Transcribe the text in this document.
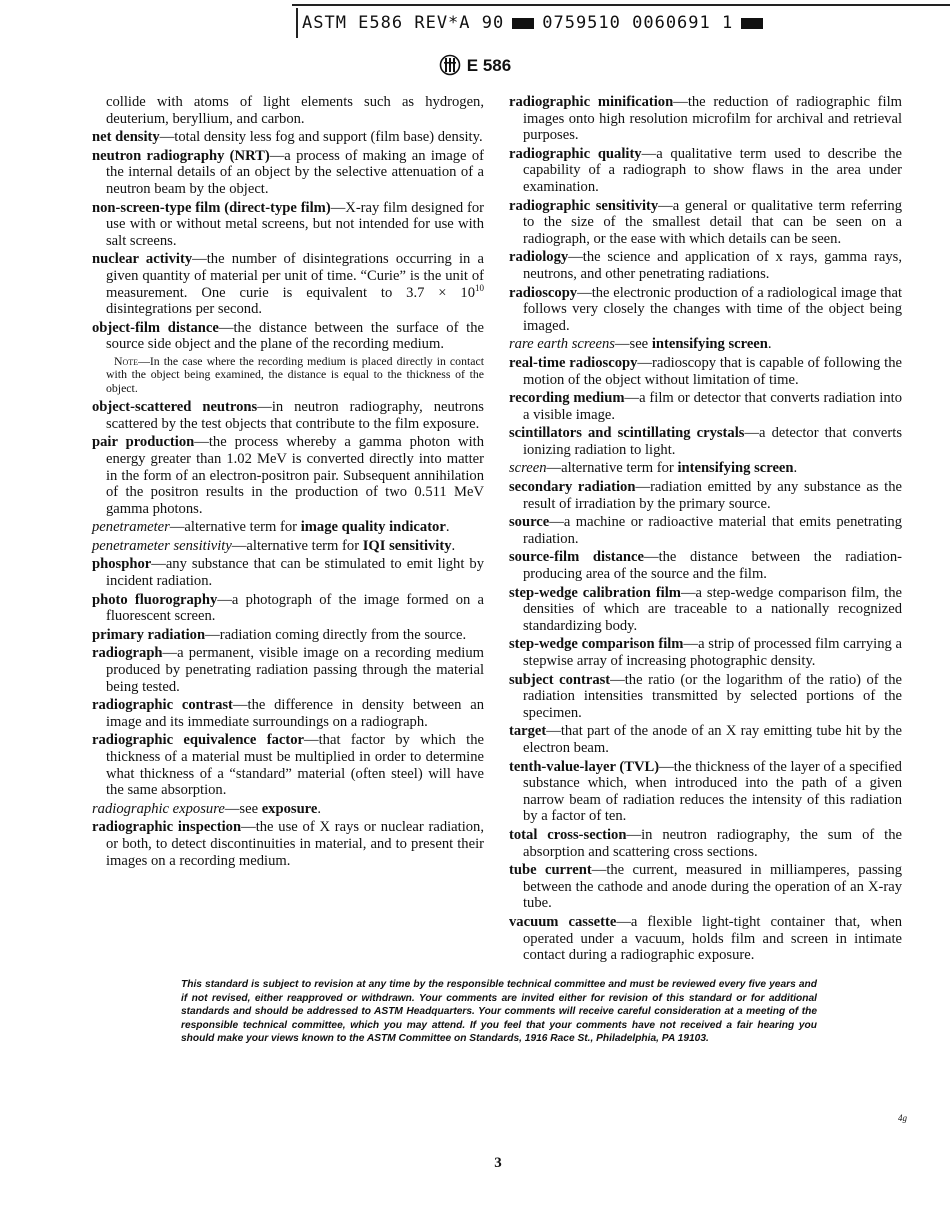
ASTM E586 REV*A 90 0759510 0060691 1
E 586

collide with atoms of light elements such as hydrogen, deuterium, beryllium, and carbon.

net density—total density less fog and support (film base) density.

neutron radiography (NRT)—a process of making an image of the internal details of an object by the selective attenuation of a neutron beam by the object.

non-screen-type film (direct-type film)—X-ray film designed for use with or without metal screens, but not intended for use with salt screens.

nuclear activity—the number of disintegrations occurring in a given quantity of material per unit of time. “Curie” is the unit of measurement. One curie is equivalent to $3.7 \times 10^{10}$ disintegrations per second.

object-film distance—the distance between the surface of the source side object and the plane of the recording medium.

Note—In the case where the recording medium is placed directly in contact with the object being examined, the distance is equal to the thickness of the object.

object-scattered neutrons—in neutron radiography, neutrons scattered by the test objects that contribute to the film exposure.

pair production—the process whereby a gamma photon with energy greater than 1.02 MeV is converted directly into matter in the form of an electron-positron pair. Subsequent annihilation of the positron results in the production of two 0.511 MeV gamma photons.

penetrameter—alternative term for image quality indicator.

penetrameter sensitivity—alternative term for IQI sensitivity.

phosphor—any substance that can be stimulated to emit light by incident radiation.

photo fluorography—a photograph of the image formed on a fluorescent screen.

primary radiation—radiation coming directly from the source.

radiograph—a permanent, visible image on a recording medium produced by penetrating radiation passing through the material being tested.

radiographic contrast—the difference in density between an image and its immediate surroundings on a radiograph.

radiographic equivalence factor—that factor by which the thickness of a material must be multiplied in order to determine what thickness of a “standard” material (often steel) will have the same absorption.

radiographic exposure—see exposure.

radiographic inspection—the use of X rays or nuclear radiation, or both, to detect discontinuities in material, and to present their images on a recording medium.

radiographic minification—the reduction of radiographic film images onto high resolution microfilm for archival and retrieval purposes.

radiographic quality—a qualitative term used to describe the capability of a radiograph to show flaws in the area under examination.

radiographic sensitivity—a general or qualitative term referring to the size of the smallest detail that can be seen on a radiograph, or the ease with which details can be seen.

radiology—the science and application of x rays, gamma rays, neutrons, and other penetrating radiations.

radioscopy—the electronic production of a radiological image that follows very closely the changes with time of the object being imaged.

rare earth screens—see intensifying screen.

real-time radioscopy—radioscopy that is capable of following the motion of the object without limitation of time.

recording medium—a film or detector that converts radiation into a visible image.

scintillators and scintillating crystals—a detector that converts ionizing radiation to light.

screen—alternative term for intensifying screen.

secondary radiation—radiation emitted by any substance as the result of irradiation by the primary source.

source—a machine or radioactive material that emits penetrating radiation.

source-film distance—the distance between the radiation-producing area of the source and the film.

step-wedge calibration film—a step-wedge comparison film, the densities of which are traceable to a nationally recognized standardizing body.

step-wedge comparison film—a strip of processed film carrying a stepwise array of increasing photographic density.

subject contrast—the ratio (or the logarithm of the ratio) of the radiation intensities transmitted by selected portions of the specimen.

target—that part of the anode of an X ray emitting tube hit by the electron beam.

tenth-value-layer (TVL)—the thickness of the layer of a specified substance which, when introduced into the path of a given narrow beam of radiation reduces the intensity of this radiation by a factor of ten.

total cross-section—in neutron radiography, the sum of the absorption and scattering cross sections.

tube current—the current, measured in milliamperes, passing between the cathode and anode during the operation of an X-ray tube.

vacuum cassette—a flexible light-tight container that, when operated under a vacuum, holds film and screen in intimate contact during a radiographic exposure.

This standard is subject to revision at any time by the responsible technical committee and must be reviewed every five years and if not revised, either reapproved or withdrawn. Your comments are invited either for revision of this standard or for additional standards and should be addressed to ASTM Headquarters. Your comments will receive careful consideration at a meeting of the responsible technical committee, which you may attend. If you feel that your comments have not received a fair hearing you should make your views known to the ASTM Committee on Standards, 1916 Race St., Philadelphia, PA 19103.
4g
3
